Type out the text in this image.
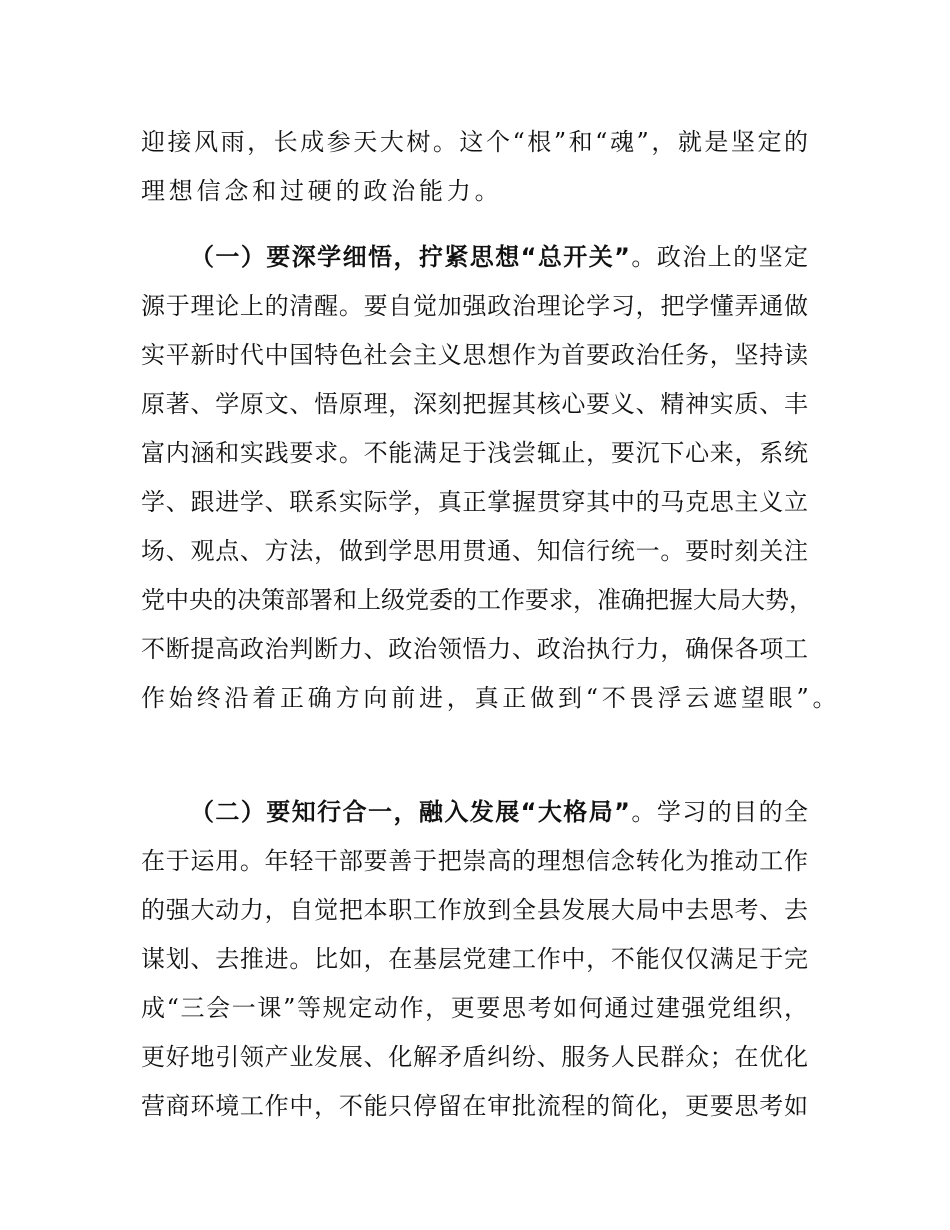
迎接风雨，长成参天大树。这个“根”和“魂”，就是坚定的
理想信念和过硬的政治能力。
（一）要深学细悟，拧紧思想“总开关”。政治上的坚定
源于理论上的清醒。要自觉加强政治理论学习，把学懂弄通做
实平新时代中国特色社会主义思想作为首要政治任务，坚持读
原著、学原文、悟原理，深刻把握其核心要义、精神实质、丰
富内涵和实践要求。不能满足于浅尝辄止，要沉下心来，系统
学、跟进学、联系实际学，真正掌握贯穿其中的马克思主义立
场、观点、方法，做到学思用贯通、知信行统一。要时刻关注
党中央的决策部署和上级党委的工作要求，准确把握大局大势，
不断提高政治判断力、政治领悟力、政治执行力，确保各项工
作始终沿着正确方向前进，真正做到“不畏浮云遮望眼”。
（二）要知行合一，融入发展“大格局”。学习的目的全
在于运用。年轻干部要善于把崇高的理想信念转化为推动工作
的强大动力，自觉把本职工作放到全县发展大局中去思考、去
谋划、去推进。比如，在基层党建工作中，不能仅仅满足于完
成“三会一课”等规定动作，更要思考如何通过建强党组织，
更好地引领产业发展、化解矛盾纠纷、服务人民群众；在优化
营商环境工作中，不能只停留在审批流程的简化，更要思考如
